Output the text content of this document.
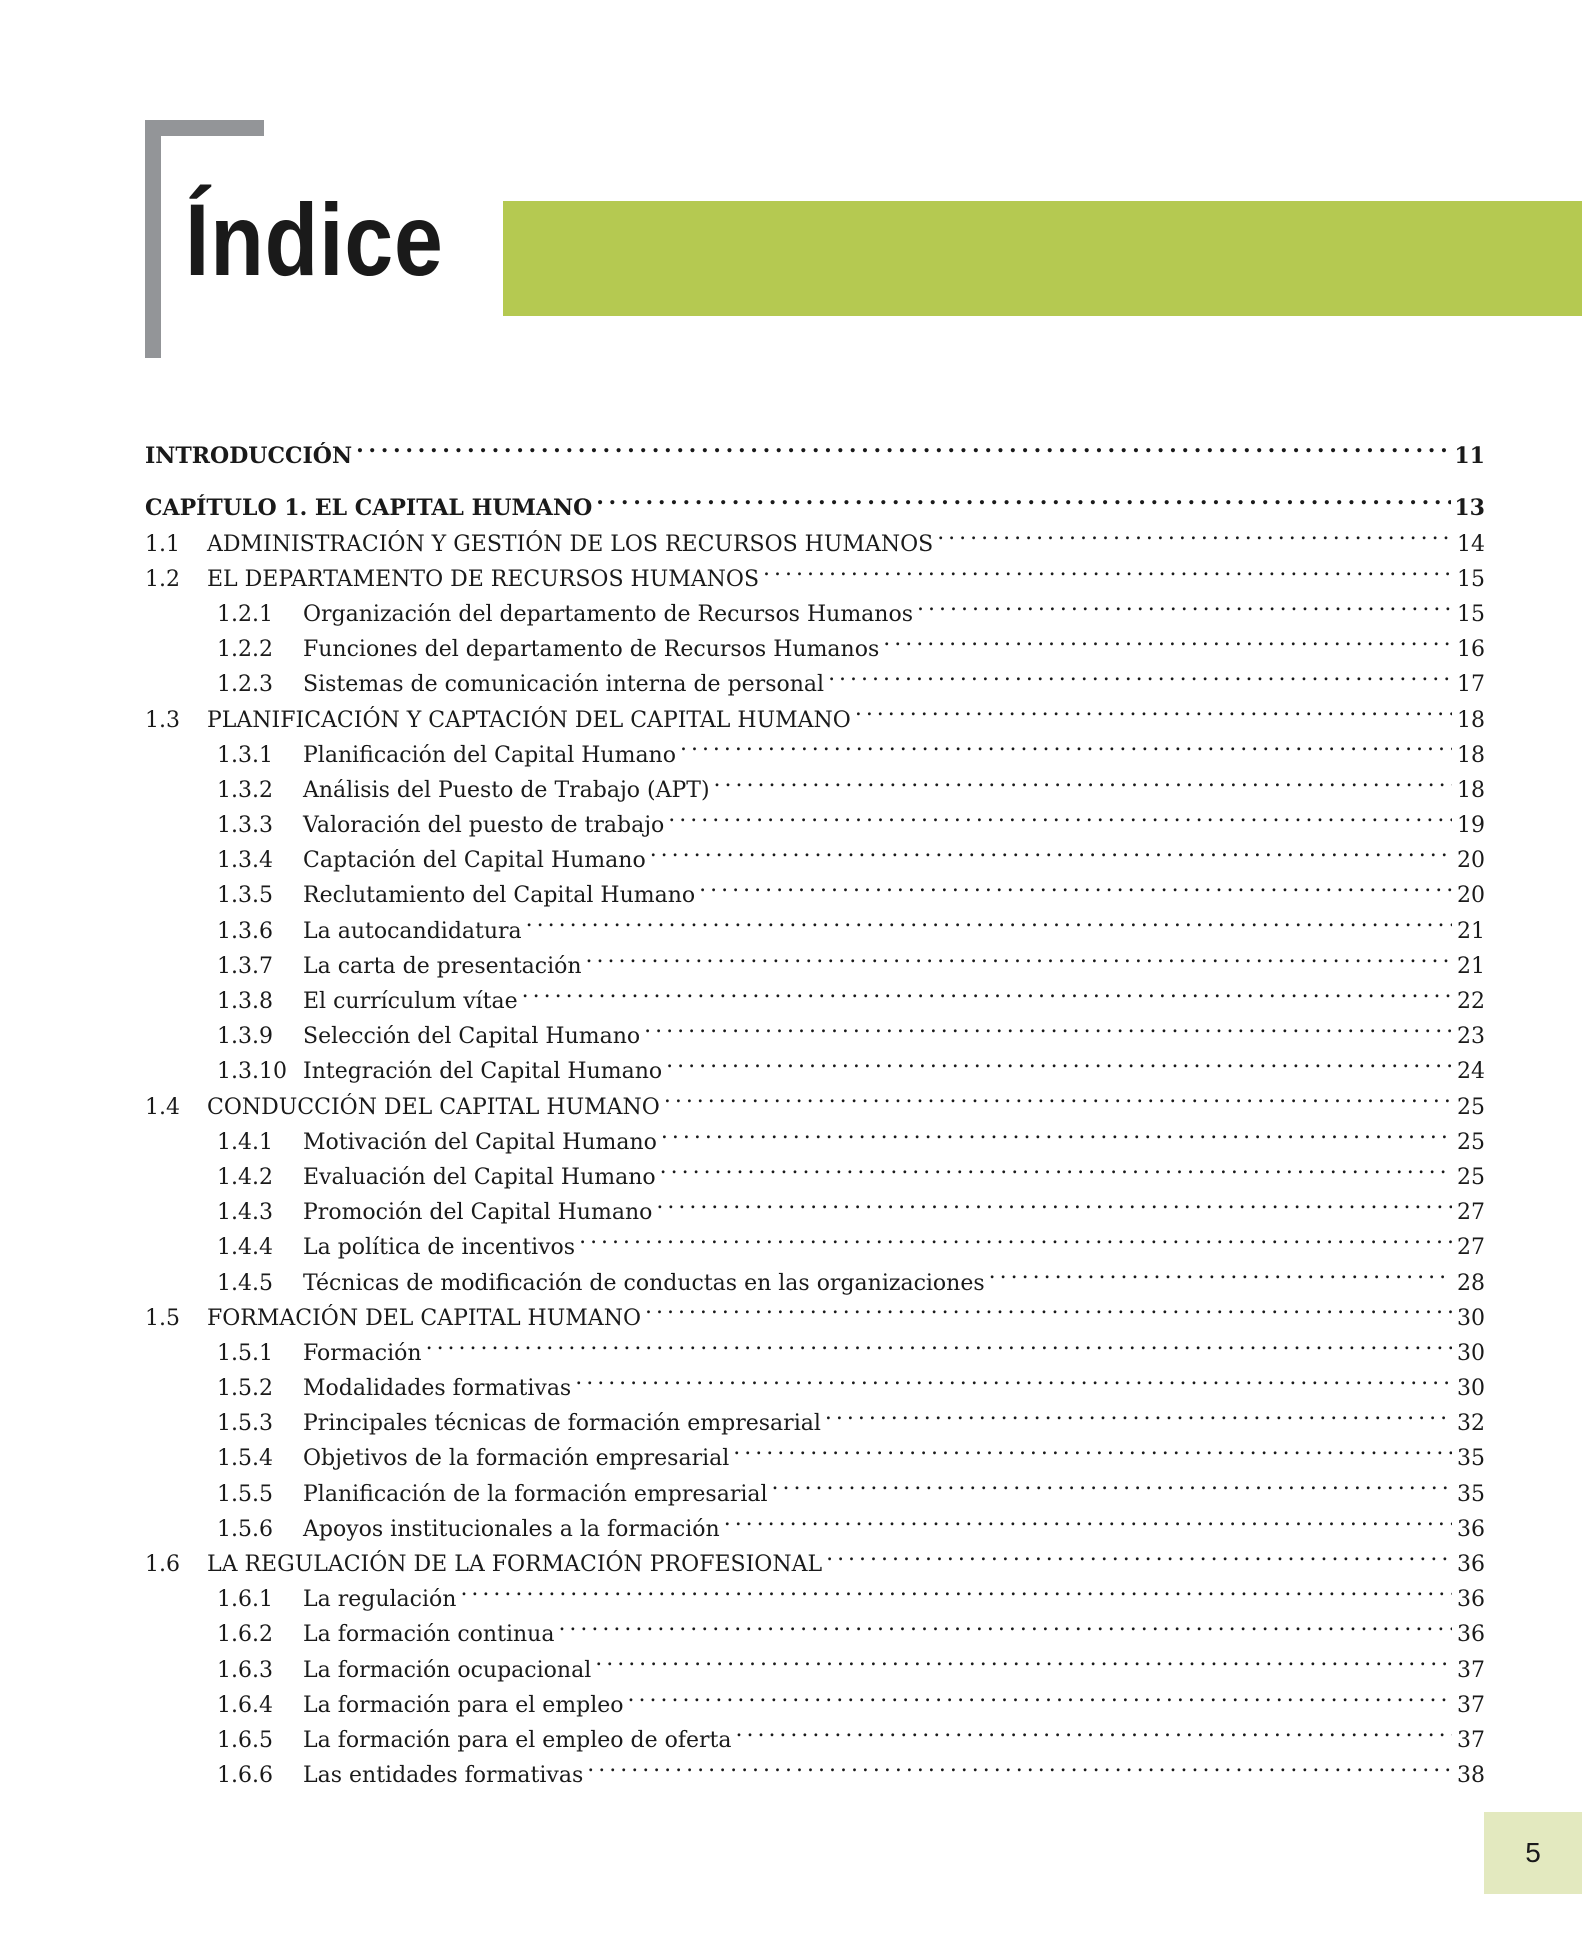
Índice
INTRODUCCIÓN . . .	11
CAPÍTULO 1. EL CAPITAL HUMANO . . .	13
1.1	ADMINISTRACIÓN Y GESTIÓN DE LOS RECURSOS HUMANOS . . .	14
1.2	EL DEPARTAMENTO DE RECURSOS HUMANOS . . .	15
1.2.1	Organización del departamento de Recursos Humanos . . .	15
1.2.2	Funciones del departamento de Recursos Humanos . . .	16
1.2.3	Sistemas de comunicación interna de personal . . .	17
1.3	PLANIFICACIÓN Y CAPTACIÓN DEL CAPITAL HUMANO . . .	18
1.3.1	Planificación del Capital Humano . . .	18
1.3.2	Análisis del Puesto de Trabajo (APT) . . .	18
1.3.3	Valoración del puesto de trabajo . . .	19
1.3.4	Captación del Capital Humano . . .	20
1.3.5	Reclutamiento del Capital Humano . . .	20
1.3.6	La autocandidatura . . .	21
1.3.7	La carta de presentación . . .	21
1.3.8	El currículum vítae . . .	22
1.3.9	Selección del Capital Humano . . .	23
1.3.10 Integración del Capital Humano . . .	24
1.4	CONDUCCIÓN DEL CAPITAL HUMANO . . .	25
1.4.1	Motivación del Capital Humano . . .	25
1.4.2	Evaluación del Capital Humano . . .	25
1.4.3	Promoción del Capital Humano . . .	27
1.4.4	La política de incentivos . . .	27
1.4.5	Técnicas de modificación de conductas en las organizaciones . . .	28
1.5	FORMACIÓN DEL CAPITAL HUMANO . . .	30
1.5.1	Formación . . .	30
1.5.2	Modalidades formativas . . .	30
1.5.3	Principales técnicas de formación empresarial . . .	32
1.5.4	Objetivos de la formación empresarial . . .	35
1.5.5	Planificación de la formación empresarial . . .	35
1.5.6	Apoyos institucionales a la formación . . .	36
1.6	LA REGULACIÓN DE LA FORMACIÓN PROFESIONAL . . .	36
1.6.1	La regulación . . .	36
1.6.2	La formación continua . . .	36
1.6.3	La formación ocupacional . . .	37
1.6.4	La formación para el empleo . . .	37
1.6.5	La formación para el empleo de oferta . . .	37
1.6.6	Las entidades formativas . . .	38
5
